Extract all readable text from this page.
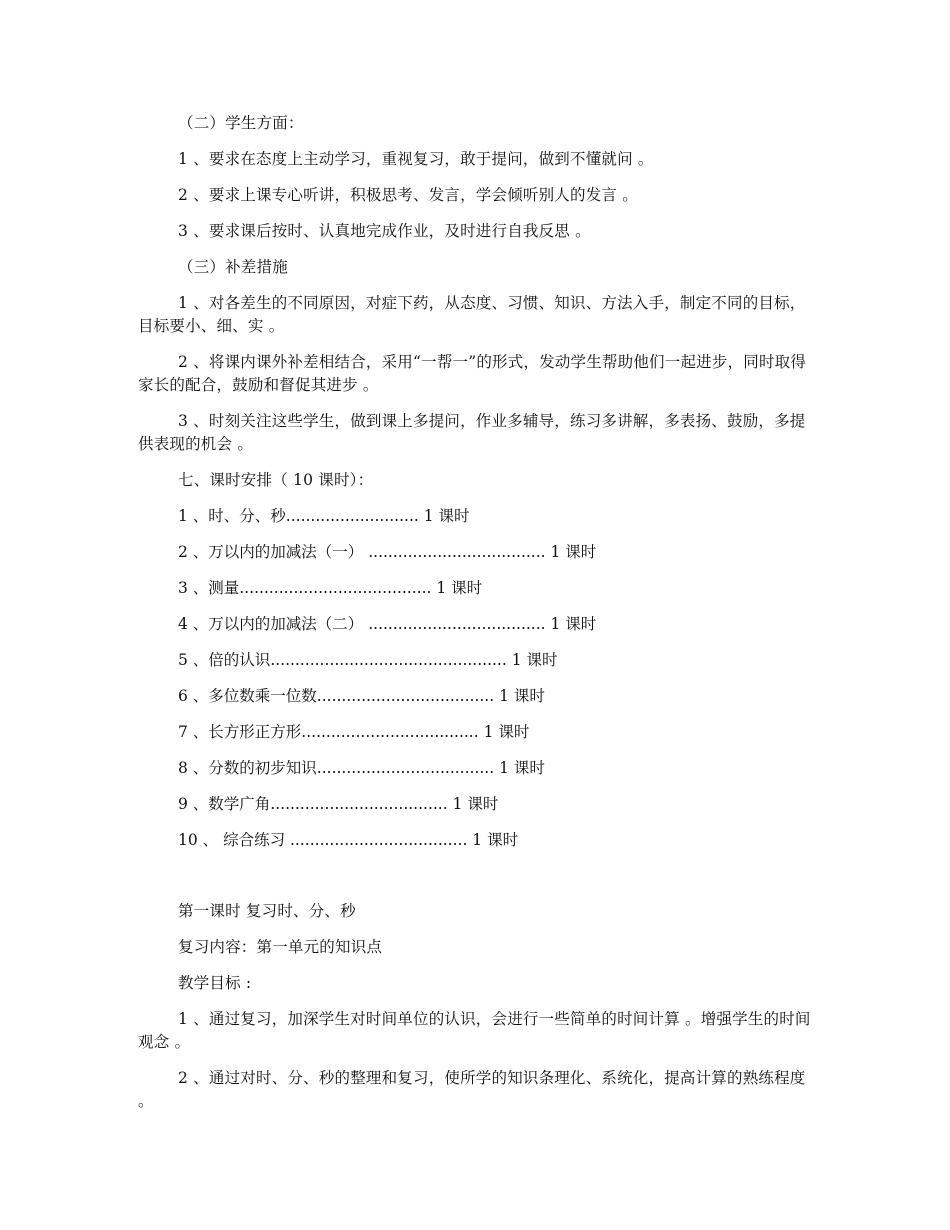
（二）学生方面：

1 、要求在态度上主动学习，重视复习，敢于提问，做到不懂就问 。

2 、要求上课专心听讲，积极思考、发言，学会倾听别人的发言 。

3 、要求课后按时、认真地完成作业，及时进行自我反思 。

（三）补差措施

1 、对各差生的不同原因，对症下药，从态度、习惯、知识、方法入手，制定不同的目标，目标要小、细、实 。

2 、将课内课外补差相结合，采用“一帮一”的形式，发动学生帮助他们一起进步，同时取得家长的配合，鼓励和督促其进步 。

3 、时刻关注这些学生，做到课上多提问，作业多辅导，练习多讲解，多表扬、鼓励，多提供表现的机会 。

七、课时安排（ 10 课时）：

1 、时、分、秒........................... 1 课时

2 、万以内的加减法（一） .................................... 1 课时

3 、测量....................................... 1 课时

4 、万以内的加减法（二） .................................... 1 课时

5 、倍的认识................................................ 1 课时

6 、多位数乘一位数.................................... 1 课时

7 、长方形正方形.................................... 1 课时

8 、分数的初步知识.................................... 1 课时

9 、数学广角.................................... 1 课时

10 、 综合练习 .................................... 1 课时

第一课时 复习时、分、秒

复习内容：第一单元的知识点

教学目标 :

1 、通过复习，加深学生对时间单位的认识，会进行一些简单的时间计算 。增强学生的时间观念 。

2 、通过对时、分、秒的整理和复习，使所学的知识条理化、系统化，提高计算的熟练程度 。
